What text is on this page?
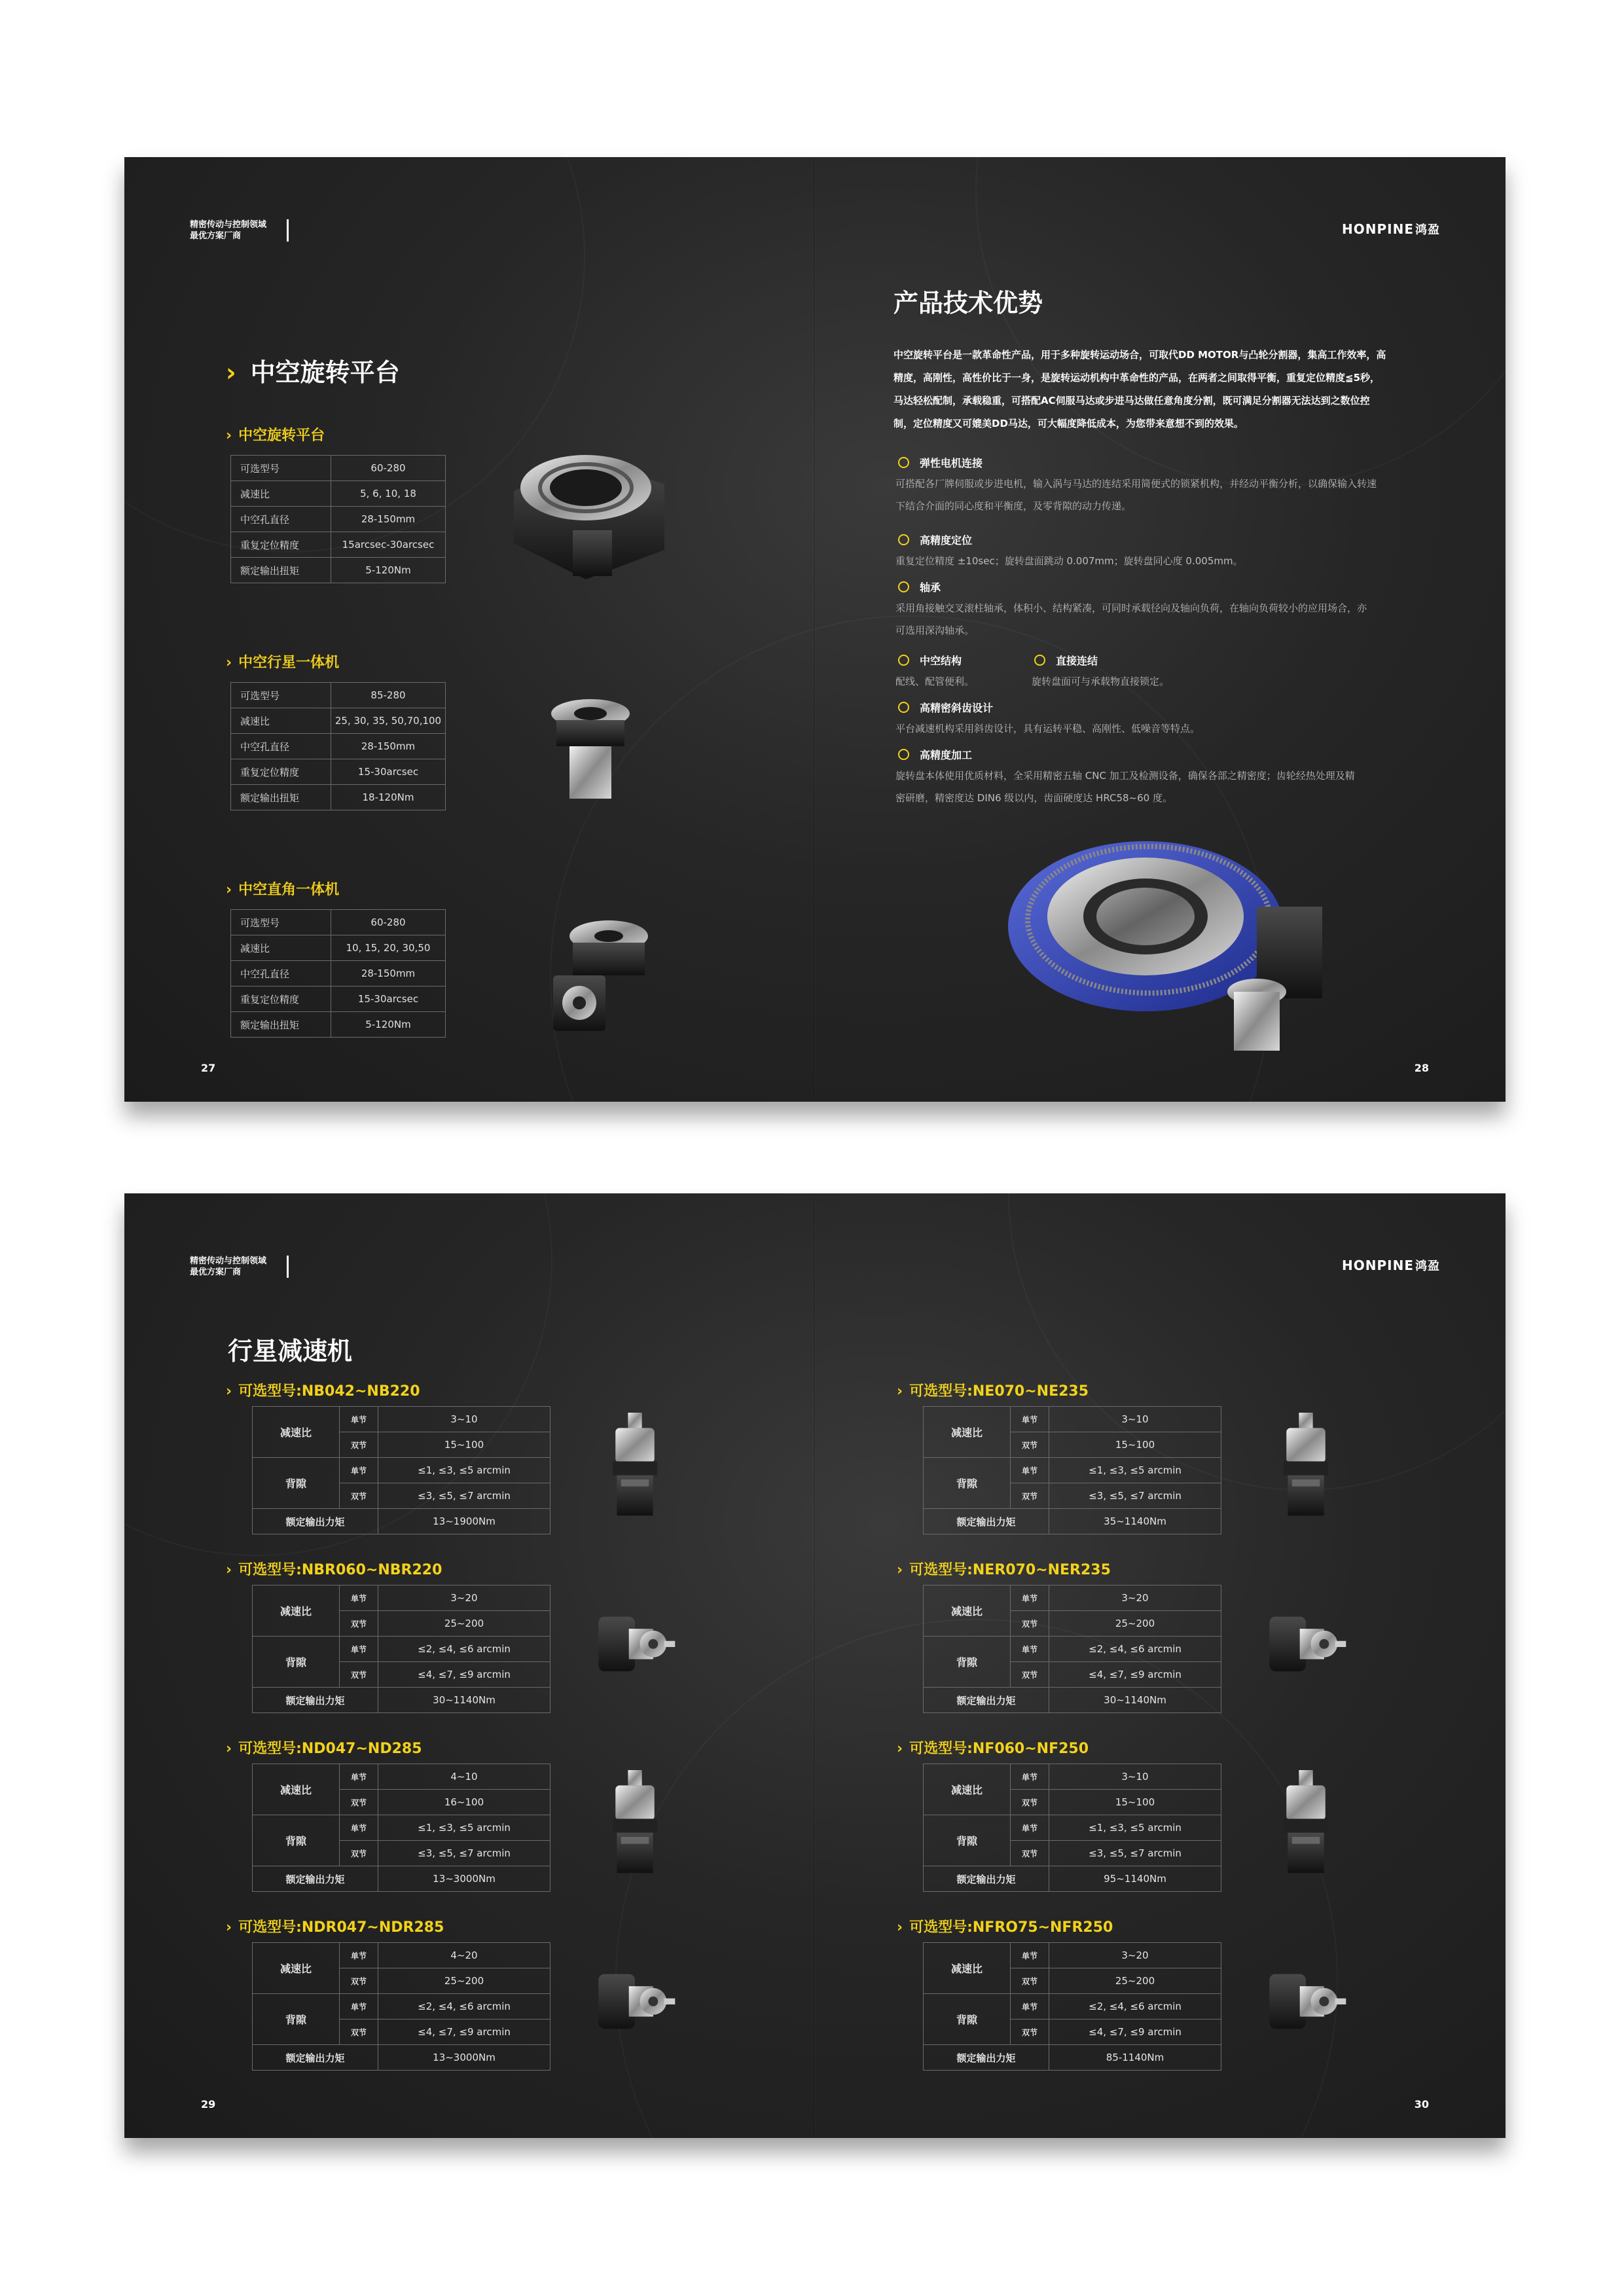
精密传动与控制领域
最优方案厂商	HONPINE 鸿盈
› 中空旋转平台
› 中空旋转平台
可选型号	60-280
减速比	5, 6, 10, 18
中空孔直径	28-150mm
重复定位精度	15arcsec-30arcsec
额定输出扭矩	5-120Nm
› 中空行星一体机
可选型号	85-280
减速比	25, 30, 35, 50,70,100
中空孔直径	28-150mm
重复定位精度	15-30arcsec
额定输出扭矩	18-120Nm
› 中空直角一体机
可选型号	60-280
减速比	10, 15, 20, 30,50
中空孔直径	28-150mm
重复定位精度	15-30arcsec
额定输出扭矩	5-120Nm
27
产品技术优势
中空旋转平台是一款革命性产品，用于多种旋转运动场合，可取代DD MOTOR与凸轮分割器，集高工作效率，高
精度，高刚性，高性价比于一身，是旋转运动机构中革命性的产品，在两者之间取得平衡，重复定位精度≦5秒，
马达轻松配制，承载稳重，可搭配AC伺服马达或步进马达做任意角度分割，既可满足分割器无法达到之数位控
制，定位精度又可媲美DD马达，可大幅度降低成本，为您带来意想不到的效果。
弹性电机连接
可搭配各厂牌伺服或步进电机，输入涡与马达的连结采用简便式的锁紧机构，并经动平衡分析，以确保输入转速
下结合介面的同心度和平衡度，及零背隙的动力传递。
高精度定位
重复定位精度 ±10sec；旋转盘面跳动 0.007mm；旋转盘同心度 0.005mm。
轴承
采用角接触交叉滚柱轴承，体积小、结构紧凑，可同时承载径向及轴向负荷，在轴向负荷较小的应用场合，亦
可选用深沟轴承。
中空结构
配线、配管便利。
直接连结
旋转盘面可与承载物直接锁定。
高精密斜齿设计
平台减速机构采用斜齿设计，具有运转平稳、高刚性、低噪音等特点。
高精度加工
旋转盘本体使用优质材料，全采用精密五轴 CNC 加工及检测设备，确保各部之精密度；齿轮经热处理及精
密研磨，精密度达 DIN6 级以内，齿面硬度达 HRC58~60 度。
28
精密传动与控制领域
最优方案厂商	HONPINE 鸿盈
行星减速机
› 可选型号:NB042~NB220
减速比	单节	3~10
	双节	15~100
背隙	单节	≤1, ≤3, ≤5 arcmin
	双节	≤3, ≤5, ≤7 arcmin
额定输出力矩		13~1900Nm
› 可选型号:NBR060~NBR220
减速比	单节	3~20
	双节	25~200
背隙	单节	≤2, ≤4, ≤6 arcmin
	双节	≤4, ≤7, ≤9 arcmin
额定输出力矩		30~1140Nm
› 可选型号:ND047~ND285
减速比	单节	4~10
	双节	16~100
背隙	单节	≤1, ≤3, ≤5 arcmin
	双节	≤3, ≤5, ≤7 arcmin
额定输出力矩		13~3000Nm
› 可选型号:NDR047~NDR285
减速比	单节	4~20
	双节	25~200
背隙	单节	≤2, ≤4, ≤6 arcmin
	双节	≤4, ≤7, ≤9 arcmin
额定输出力矩		13~3000Nm
› 可选型号:NE070~NE235
减速比	单节	3~10
	双节	15~100
背隙	单节	≤1, ≤3, ≤5 arcmin
	双节	≤3, ≤5, ≤7 arcmin
额定输出力矩		35~1140Nm
› 可选型号:NER070~NER235
减速比	单节	3~20
	双节	25~200
背隙	单节	≤2, ≤4, ≤6 arcmin
	双节	≤4, ≤7, ≤9 arcmin
额定输出力矩		30~1140Nm
› 可选型号:NF060~NF250
减速比	单节	3~10
	双节	15~100
背隙	单节	≤1, ≤3, ≤5 arcmin
	双节	≤3, ≤5, ≤7 arcmin
额定输出力矩		95~1140Nm
› 可选型号:NFRO75~NFR250
减速比	单节	3~20
	双节	25~200
背隙	单节	≤2, ≤4, ≤6 arcmin
	双节	≤4, ≤7, ≤9 arcmin
额定输出力矩		85-1140Nm
29	30
